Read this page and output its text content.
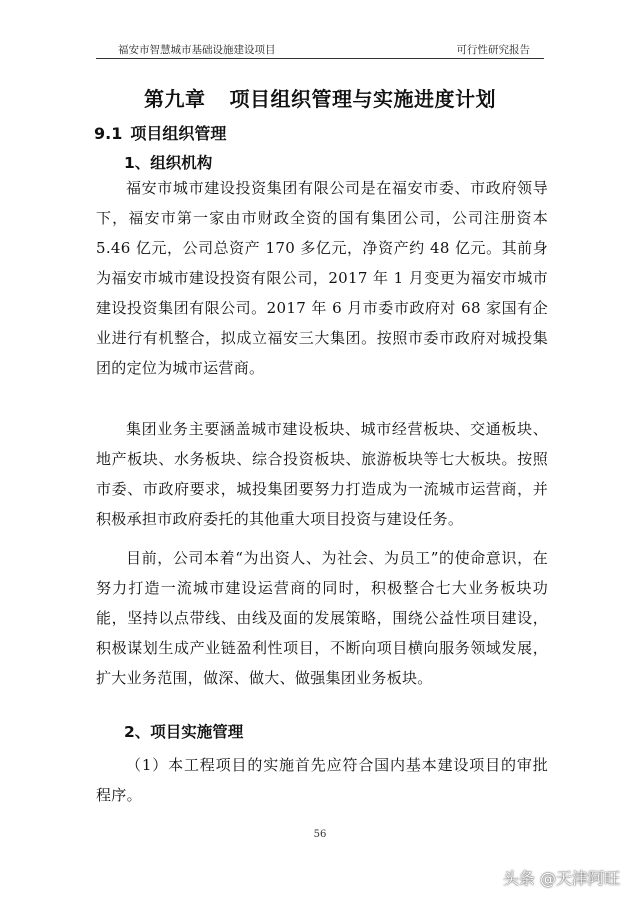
福安市智慧城市基础设施建设项目	可行性研究报告
第九章 项目组织管理与实施进度计划
9.1 项目组织管理
1、组织机构

福安市城市建设投资集团有限公司是在福安市委、市政府领导下，福安市第一家由市财政全资的国有集团公司，公司注册资本 5.46 亿元，公司总资产 170 多亿元，净资产约 48 亿元。其前身为福安市城市建设投资有限公司，2017 年 1 月变更为福安市城市建设投资集团有限公司。2017 年 6 月市委市政府对 68 家国有企业进行有机整合，拟成立福安三大集团。按照市委市政府对城投集团的定位为城市运营商。

集团业务主要涵盖城市建设板块、城市经营板块、交通板块、地产板块、水务板块、综合投资板块、旅游板块等七大板块。按照市委、市政府要求，城投集团要努力打造成为一流城市运营商，并积极承担市政府委托的其他重大项目投资与建设任务。

目前，公司本着“为出资人、为社会、为员工”的使命意识，在努力打造一流城市建设运营商的同时，积极整合七大业务板块功能，坚持以点带线、由线及面的发展策略，围绕公益性项目建设，积极谋划生成产业链盈利性项目，不断向项目横向服务领域发展，扩大业务范围，做深、做大、做强集团业务板块。

2、项目实施管理

（1）本工程项目的实施首先应符合国内基本建设项目的审批程序。

56
头条 @天津阿旺
